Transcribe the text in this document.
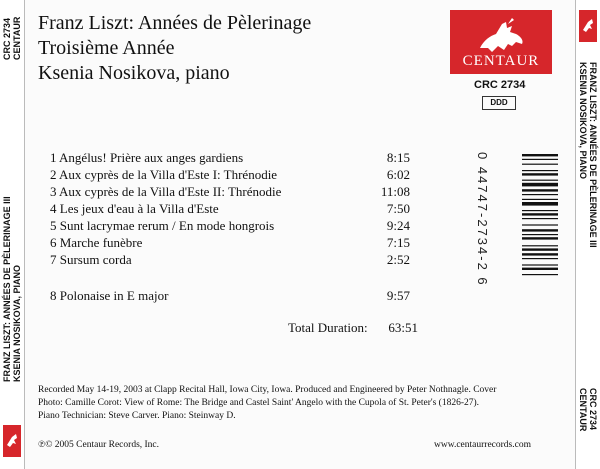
CRC 2734 CENTAUR
FRANZ LISZT: ANNÉES DE PÈLERINAGE III KSENIA NOSIKOVA, PIANO
FRANZ LISZT: ANNÉES DE PÈLERINAGE III
KSENIA NOSIKOVA, PIANO
CRC 2734
CENTAUR
Franz Liszt: Années de Pèlerinage
Troisième Année
Ksenia Nosikova, piano
CENTAUR
CRC 2734
DDD
0 44747-2734-2 6
1 Angélus! Prière aux anges gardiens	8:15
2 Aux cyprès de la Villa d'Este I: Thrénodie	6:02
3 Aux cyprès de la Villa d'Este II: Thrénodie	11:08
4 Les jeux d'eau à la Villa d'Este	7:50
5 Sunt lacrymae rerum / En mode hongrois	9:24
6 Marche funèbre	7:15
7 Sursum corda	2:52
8 Polonaise in E major	9:57
Total Duration: 63:51
Recorded May 14-19, 2003 at Clapp Recital Hall, Iowa City, Iowa. Produced and Engineered by Peter Nothnagle. Cover
Photo: Camille Corot: View of Rome: The Bridge and Castel Saint' Angelo with the Cupola of St. Peter's (1826-27).
Piano Technician: Steve Carver. Piano: Steinway D.
℗© 2005 Centaur Records, Inc.	www.centaurrecords.com
